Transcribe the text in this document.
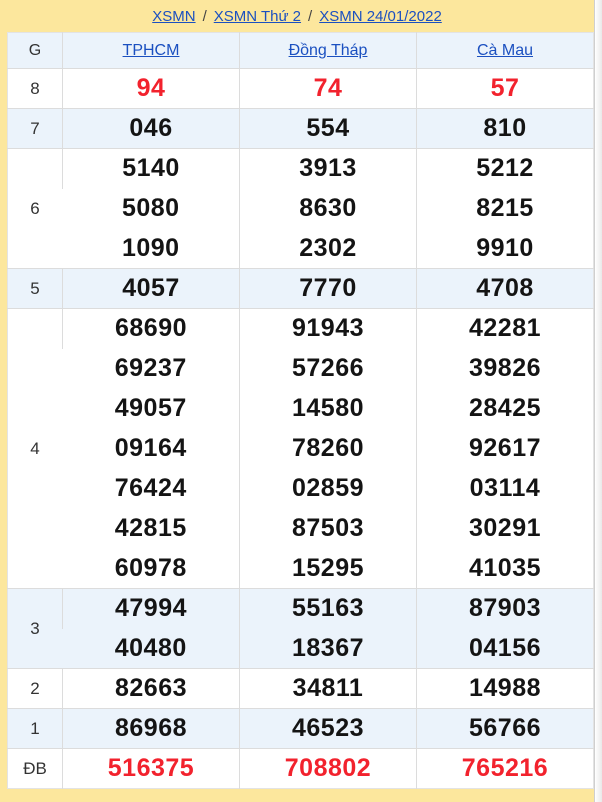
XSMN / XSMN Thứ 2 / XSMN 24/01/2022
G	TPHCM	Đồng Tháp	Cà Mau
8	94	74	57
7	046	554	810
6	5140	3913	5212
	5080	8630	8215
	1090	2302	9910
5	4057	7770	4708
4	68690	91943	42281
	69237	57266	39826
	49057	14580	28425
	09164	78260	92617
	76424	02859	03114
	42815	87503	30291
	60978	15295	41035
3	47994	55163	87903
	40480	18367	04156
2	82663	34811	14988
1	86968	46523	56766
ĐB	516375	708802	765216
